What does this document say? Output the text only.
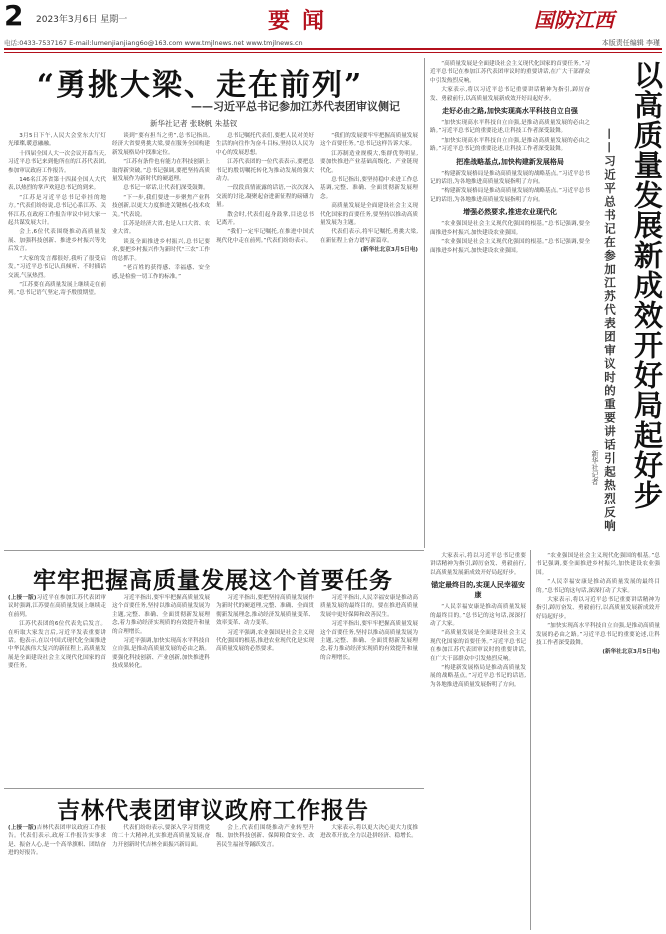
2 2023年3月6日 星期一	要闻	国防江西
电话:0433-7537167 E-mail:lumenjianjiang6o@163.com www.tmjlnews.net www.tmjlnews.cn	本版责任编辑 李瑾
“勇挑大梁、走在前列”
——习近平总书记参加江苏代表团审议侧记
新华社记者 张晓帆 朱基钗

3月5日下午,人民大会堂东大厅灯光璀璨,暖意融融。

十四届全国人大一次会议开幕当天,习近平总书记来到他所在的江苏代表团,参加审议政府工作报告。

146名江苏省第十四届全国人大代表,以热烈的掌声欢迎总书记的到来。

“江苏是习近平总书记牵挂的地方。”代表们纷纷说,总书记心系江苏、关怀江苏,在政府工作报告审议中同大家一起共谋发展大计。

会上,6位代表围绕推动高质量发展、加强科技创新、推进乡村振兴等先后发言。

“大家的发言都很好,我听了很受启发。”习近平总书记认真倾听、不时插话交流,气氛热烈。

“江苏要在高质量发展上继续走在前列。”总书记语气坚定,寄予殷殷期望。

谈到“要有担当之勇”,总书记指出,经济大省要勇挑大梁,要在服务全国构建新发展格局中找准定位。

“江苏有条件也有能力在科技创新上取得新突破。”总书记强调,要把坚持高质量发展作为新时代的硬道理。

总书记一席话,让代表们深受鼓舞。

“下一步,我们要进一步聚焦产业科技创新,以更大力度推进关键核心技术攻关。”代表说。

江苏是经济大省,也是人口大省、农业大省。

谈及全面推进乡村振兴,总书记要求,要把乡村振兴作为新时代“三农”工作的总抓手。

“老百姓的获得感、幸福感、安全感,是检验一切工作的标准。”

总书记嘱托代表们,要把人民对美好生活的向往作为奋斗目标,坚持以人民为中心的发展思想。

江苏代表团的一位代表表示,要把总书记的殷切嘱托转化为推动发展的强大动力。

一段段真情流露的话语,一次次深入交流的讨论,凝聚起奋进新征程的磅礴力量。

散会时,代表们起身鼓掌,目送总书记离开。

“我们一定牢记嘱托,在推进中国式现代化中走在前列。”代表们纷纷表示。

“我们的发展要牢牢把握高质量发展这个首要任务。”总书记这样告诉大家。

江苏制造业规模大,集群优势明显,要加快推进产业基础高级化、产业链现代化。

总书记指出,要坚持稳中求进工作总基调,完整、准确、全面贯彻新发展理念。

高质量发展是全面建设社会主义现代化国家的首要任务,要坚持以推动高质量发展为主题。

代表们表示,将牢记嘱托,勇挑大梁,在新征程上奋力谱写新篇章。

(新华社北京3月5日电)	以高质量发展新成效开好局起好步
——习近平总书记在参加江苏代表团审议时的重要讲话引起热烈反响
新华社记者

“高质量发展是全面建设社会主义现代化国家的首要任务。”习近平总书记在参加江苏代表团审议时的重要讲话,在广大干部群众中引发热烈反响。

大家表示,将以习近平总书记重要讲话精神为指引,踔厉奋发、勇毅前行,以高质量发展新成效开好局起好步。

走好必由之路,加快实现高水平科技自立自强

“加快实现高水平科技自立自强,是推动高质量发展的必由之路。”习近平总书记的重要论述,让科技工作者深受鼓舞。

“加快实现高水平科技自立自强,是推动高质量发展的必由之路。”习近平总书记的重要论述,让科技工作者深受鼓舞。

把准战略基点,加快构建新发展格局

“构建新发展格局是推动高质量发展的战略基点。”习近平总书记的话语,为各地推进高质量发展指明了方向。

“构建新发展格局是推动高质量发展的战略基点。”习近平总书记的话语,为各地推进高质量发展指明了方向。

增强必然要求,推进农业现代化

“农业强国是社会主义现代化强国的根基。”总书记强调,要全面推进乡村振兴,加快建设农业强国。

“农业强国是社会主义现代化强国的根基。”总书记强调,要全面推进乡村振兴,加快建设农业强国。

大家表示,将以习近平总书记重要讲话精神为指引,踔厉奋发、勇毅前行,以高质量发展新成效开好局起好步。

锚定最终目的,实现人民幸福安康

“人民幸福安康是推动高质量发展的最终目的。”总书记的这句话,深深打动了大家。

“高质量发展是全面建设社会主义现代化国家的首要任务。”习近平总书记在参加江苏代表团审议时的重要讲话,在广大干部群众中引发热烈反响。

“构建新发展格局是推动高质量发展的战略基点。”习近平总书记的话语,为各地推进高质量发展指明了方向。

“农业强国是社会主义现代化强国的根基。”总书记强调,要全面推进乡村振兴,加快建设农业强国。

“人民幸福安康是推动高质量发展的最终目的。”总书记的这句话,深深打动了大家。

大家表示,将以习近平总书记重要讲话精神为指引,踔厉奋发、勇毅前行,以高质量发展新成效开好局起好步。

“加快实现高水平科技自立自强,是推动高质量发展的必由之路。”习近平总书记的重要论述,让科技工作者深受鼓舞。

(新华社北京3月5日电)
牢牢把握高质量发展这个首要任务

(上接一版)习近平在参加江苏代表团审议时强调,江苏要在高质量发展上继续走在前列。

江苏代表团的6位代表先后发言。在听取大家发言后,习近平发表重要讲话。他表示,在以中国式现代化全面推进中华民族伟大复兴的新征程上,高质量发展是全面建设社会主义现代化国家的首要任务。

习近平指出,要牢牢把握高质量发展这个首要任务,坚持以推动高质量发展为主题,完整、准确、全面贯彻新发展理念,着力推动经济实现质的有效提升和量的合理增长。

习近平强调,加快实现高水平科技自立自强,是推动高质量发展的必由之路。要强化科技创新、产业创新,加快推进科技成果转化。

习近平指出,要把坚持高质量发展作为新时代的硬道理,完整、准确、全面贯彻新发展理念,推动经济发展质量变革、效率变革、动力变革。

习近平强调,农业强国是社会主义现代化强国的根基,推进农业现代化是实现高质量发展的必然要求。

习近平指出,人民幸福安康是推动高质量发展的最终目的。要在推进高质量发展中更好保障和改善民生。

习近平指出,要牢牢把握高质量发展这个首要任务,坚持以推动高质量发展为主题,完整、准确、全面贯彻新发展理念,着力推动经济实现质的有效提升和量的合理增长。

吉林代表团审议政府工作报告

(上接一版)吉林代表团审议政府工作报告。代表们表示,政府工作报告实事求是、振奋人心,是一个高举旗帜、团结奋进的好报告。

代表们纷纷表示,要深入学习贯彻党的二十大精神,扎实推进高质量发展,奋力开创新时代吉林全面振兴新局面。

会上,代表们围绕推动产业转型升级、加快科技创新、保障粮食安全、改善民生福祉等踊跃发言。

大家表示,将以更大决心更大力度推进改革开放,全力以赴拼经济、稳增长。
